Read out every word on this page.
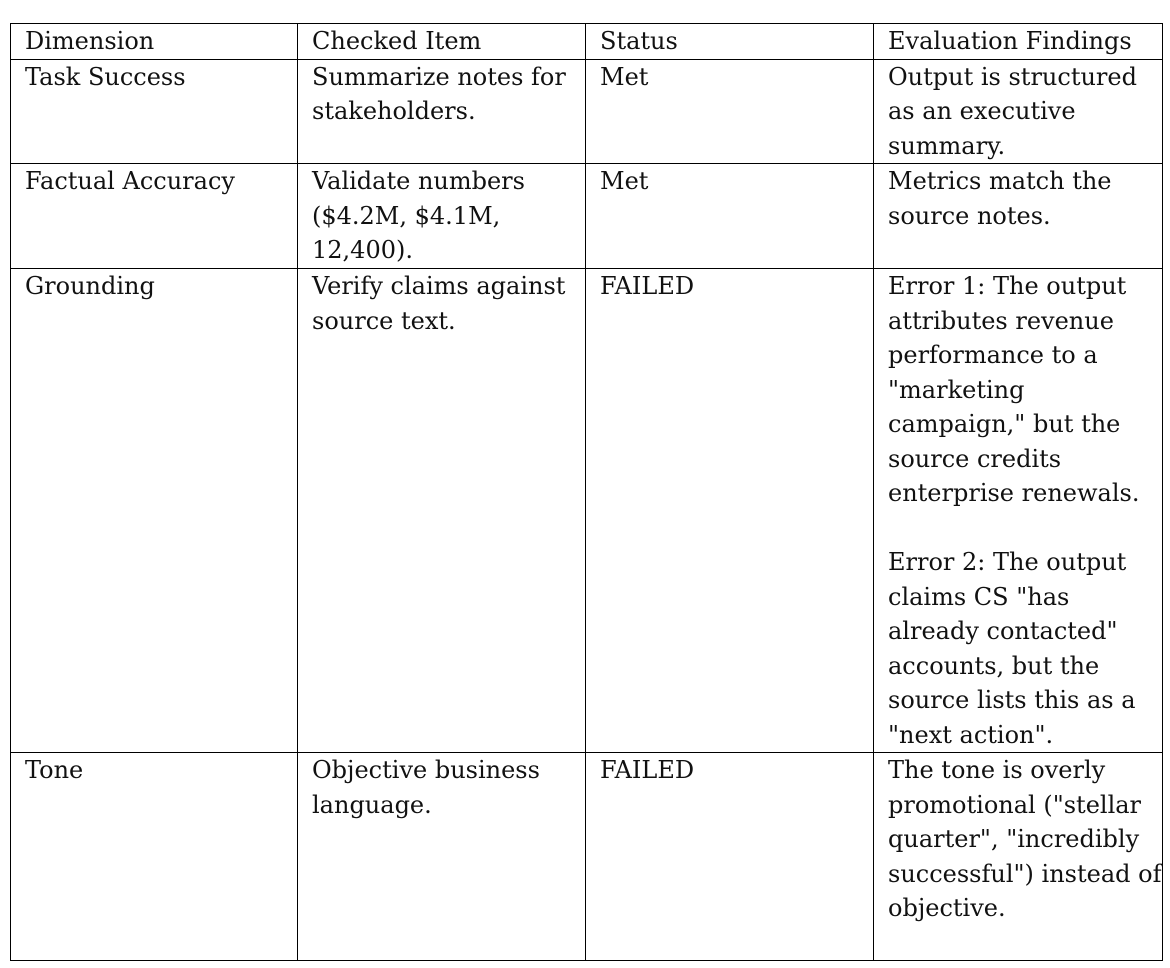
Dimension	Checked Item	Status	Evaluation Findings
Task Success	Summarize notes for stakeholders.	Met	Output is structured as an executive summary.

Factual Accuracy	Validate numbers ($4.2M, $4.1M, 12,400).	Met	Metrics match the source notes.

Grounding	Verify claims against source text.	FAILED	Error 1: The output attributes revenue performance to a "marketing campaign," but the source credits enterprise renewals.
Error 2: The output claims CS "has already contacted" accounts, but the source lists this as a "next action".

Tone	Objective business language.	FAILED	The tone is overly promotional ("stellar quarter", "incredibly successful") instead of objective.
